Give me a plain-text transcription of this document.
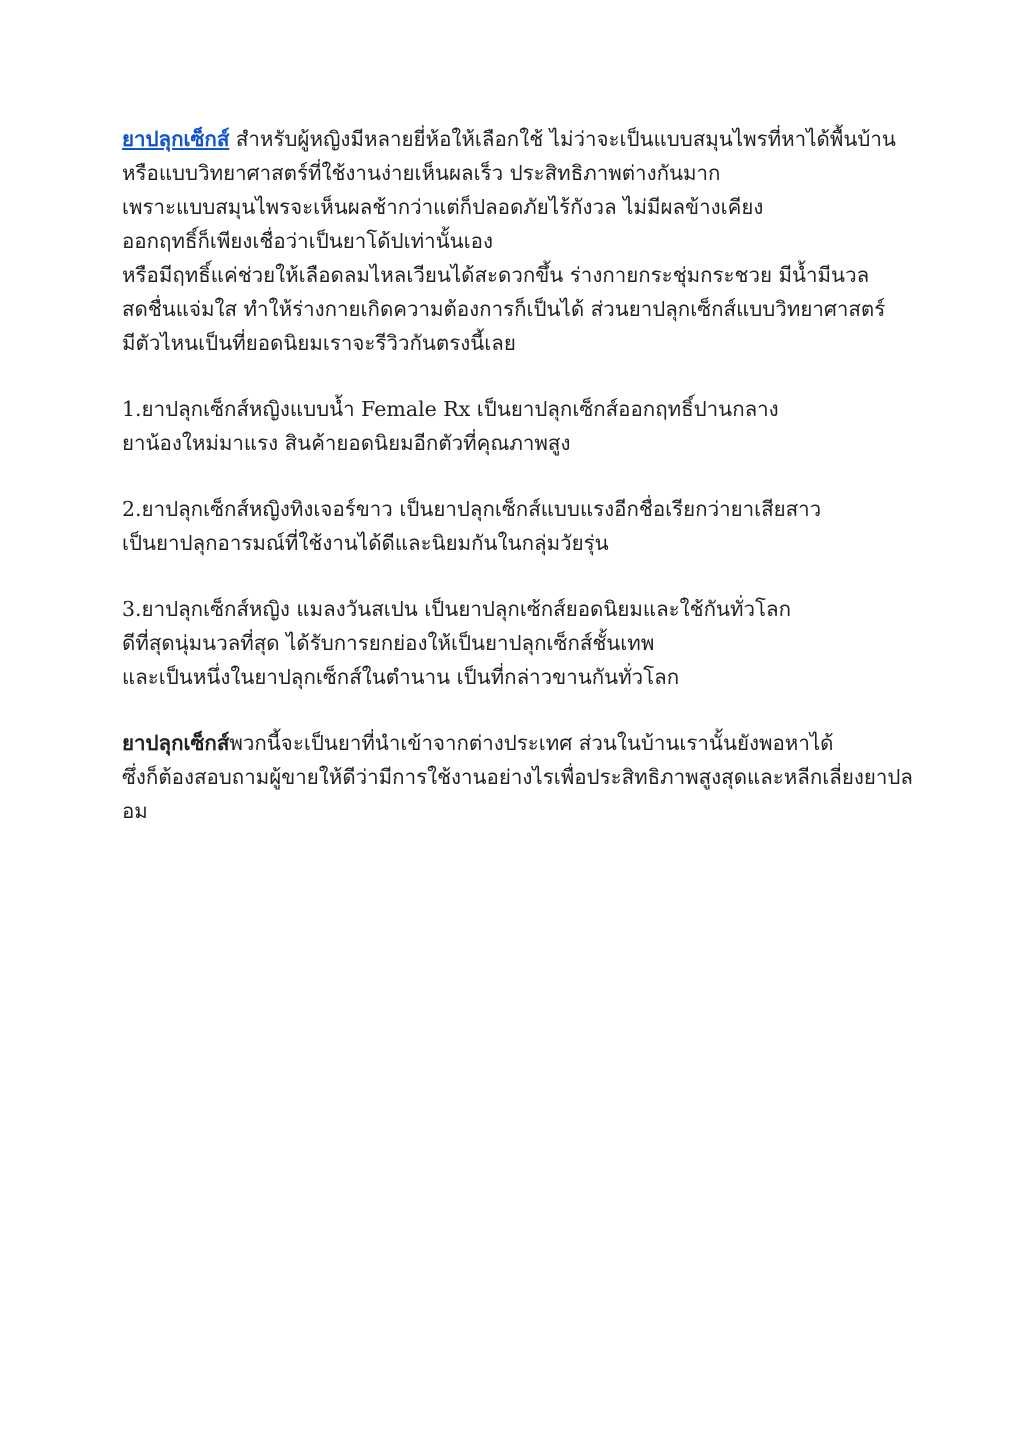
ยาปลุกเซ็กส์ สำหรับผู้หญิงมีหลายยี่ห้อให้เลือกใช้ ไม่ว่าจะเป็นแบบสมุนไพรที่หาได้พื้นบ้าน
หรือแบบวิทยาศาสตร์ที่ใช้งานง่ายเห็นผลเร็ว ประสิทธิภาพต่างกันมาก
เพราะแบบสมุนไพรจะเห็นผลช้ากว่าแต่ก็ปลอดภัยไร้กังวล ไม่มีผลข้างเคียง
ออกฤทธิ์ก็เพียงเชื่อว่าเป็นยาโด้ปเท่านั้นเอง
หรือมีฤทธิ์แค่ช่วยให้เลือดลมไหลเวียนได้สะดวกขึ้น ร่างกายกระชุ่มกระชวย มีน้ำมีนวล
สดชื่นแจ่มใส ทำให้ร่างกายเกิดความต้องการก็เป็นได้ ส่วนยาปลุกเซ็กส์แบบวิทยาศาสตร์
มีตัวไหนเป็นที่ยอดนิยมเราจะรีวิวกันตรงนี้เลย
1.ยาปลุกเซ็กส์หญิงแบบน้ำ Female Rx เป็นยาปลุกเซ็กส์ออกฤทธิ์ปานกลาง
ยาน้องใหม่มาแรง สินค้ายอดนิยมอีกตัวที่คุณภาพสูง
2.ยาปลุกเซ็กส์หญิงทิงเจอร์ขาว เป็นยาปลุกเซ็กส์แบบแรงอีกชื่อเรียกว่ายาเสียสาว
เป็นยาปลุกอารมณ์ที่ใช้งานได้ดีและนิยมกันในกลุ่มวัยรุ่น
3.ยาปลุกเซ็กส์หญิง แมลงวันสเปน เป็นยาปลุกเซ้กส์ยอดนิยมและใช้กันทั่วโลก
ดีที่สุดนุ่มนวลที่สุด ได้รับการยกย่องให้เป็นยาปลุกเซ็กส์ชั้นเทพ
และเป็นหนึ่งในยาปลุกเซ็กส์ในตำนาน เป็นที่กล่าวขานกันทั่วโลก
ยาปลุกเซ็กส์พวกนี้จะเป็นยาที่นำเข้าจากต่างประเทศ ส่วนในบ้านเรานั้นยังพอหาได้
ซึ่งก็ต้องสอบถามผู้ขายให้ดีว่ามีการใช้งานอย่างไรเพื่อประสิทธิภาพสูงสุดและหลีกเลี่ยงยาปล
อม
